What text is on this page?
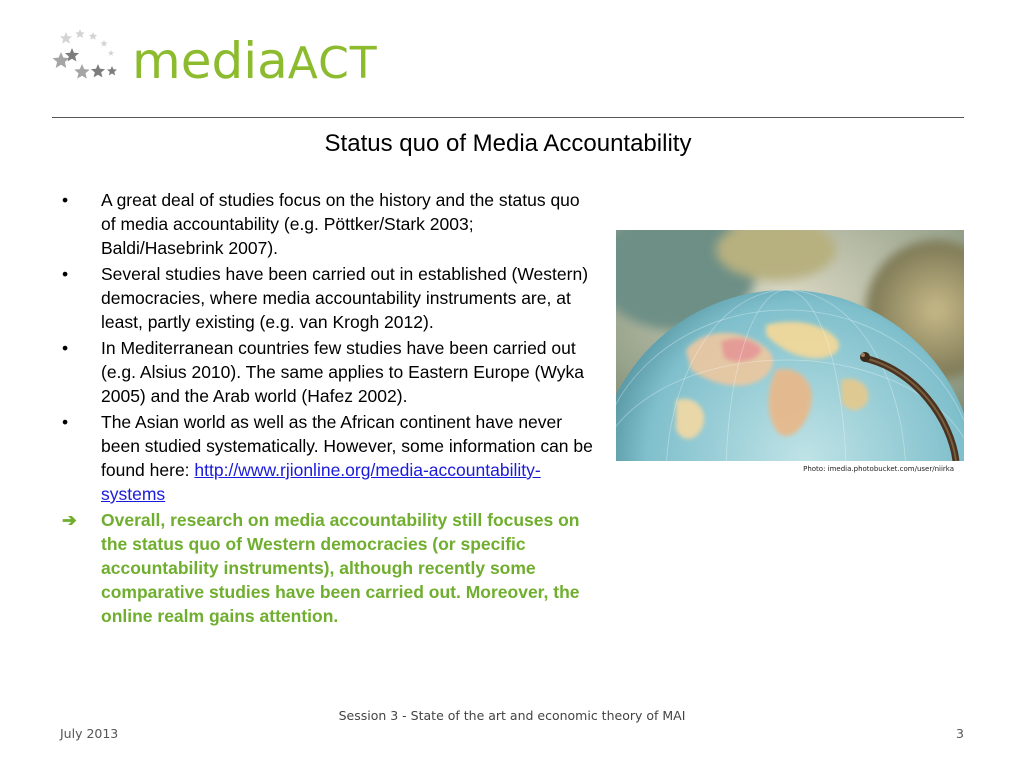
mediaACT
Status quo of Media Accountability
• A great deal of studies focus on the history and the status quo of media accountability (e.g. Pöttker/Stark 2003; Baldi/Hasebrink 2007).
• Several studies have been carried out in established (Western) democracies, where media accountability instruments are, at least, partly existing (e.g. van Krogh 2012).
• In Mediterranean countries few studies have been carried out (e.g. Alsius 2010). The same applies to Eastern Europe (Wyka 2005) and the Arab world (Hafez 2002).
• The Asian world as well as the African continent have never been studied systematically. However, some information can be found here: http://www.rjionline.org/media-accountability-systems
➔ Overall, research on media accountability still focuses on the status quo of Western democracies (or specific accountability instruments), although recently some comparative studies have been carried out. Moreover, the online realm gains attention.
Photo: imedia.photobucket.com/user/niirka
Session 3 - State of the art and economic theory of MAI
July 2013	3
